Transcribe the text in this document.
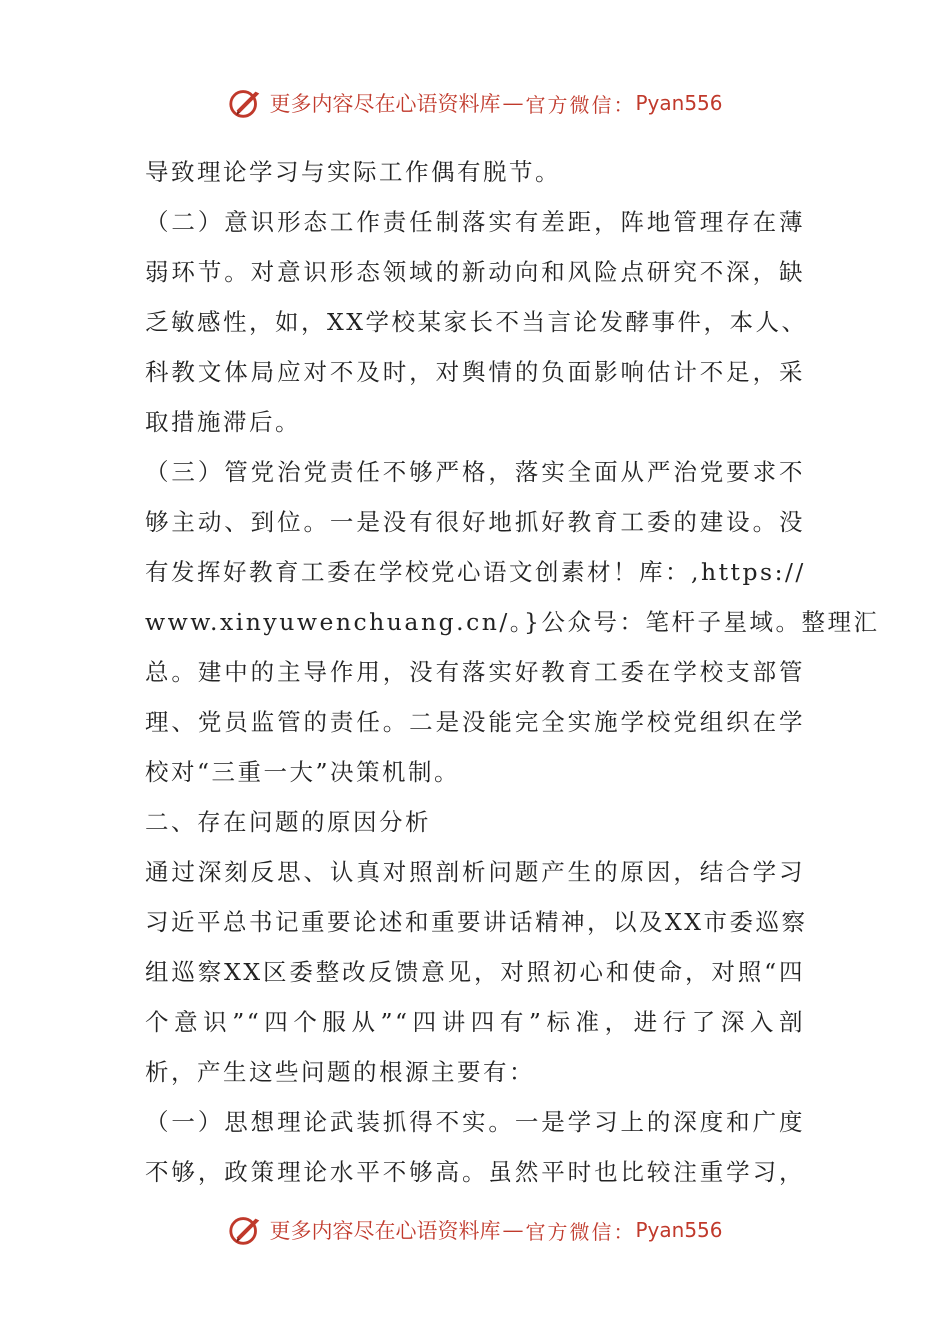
更多内容尽在心语资料库 — 官方微信： Pyan556
导致理论学习与实际工作偶有脱节。
（二）意识形态工作责任制落实有差距，阵地管理存在薄
弱环节。对意识形态领域的新动向和风险点研究不深，缺
乏敏感性，如，XX学校某家长不当言论发酵事件，本人、
科教文体局应对不及时，对舆情的负面影响估计不足，采
取措施滞后。
（三）管党治党责任不够严格，落实全面从严治党要求不
够主动、到位。一是没有很好地抓好教育工委的建设。没
有发挥好教育工委在学校党心语文创素材！库：,https://
www.xinyuwenchuang.cn/。}公众号：笔杆子星域。整理汇
总。建中的主导作用，没有落实好教育工委在学校支部管
理、党员监管的责任。二是没能完全实施学校党组织在学
校对“三重一大”决策机制。
二、存在问题的原因分析
通过深刻反思、认真对照剖析问题产生的原因，结合学习
习近平总书记重要论述和重要讲话精神，以及XX市委巡察
组巡察XX区委整改反馈意见，对照初心和使命，对照“四
个意识”“四个服从”“四讲四有”标准，进行了深入剖
析，产生这些问题的根源主要有：
（一）思想理论武装抓得不实。一是学习上的深度和广度
不够，政策理论水平不够高。虽然平时也比较注重学习，
更多内容尽在心语资料库 — 官方微信： Pyan556
